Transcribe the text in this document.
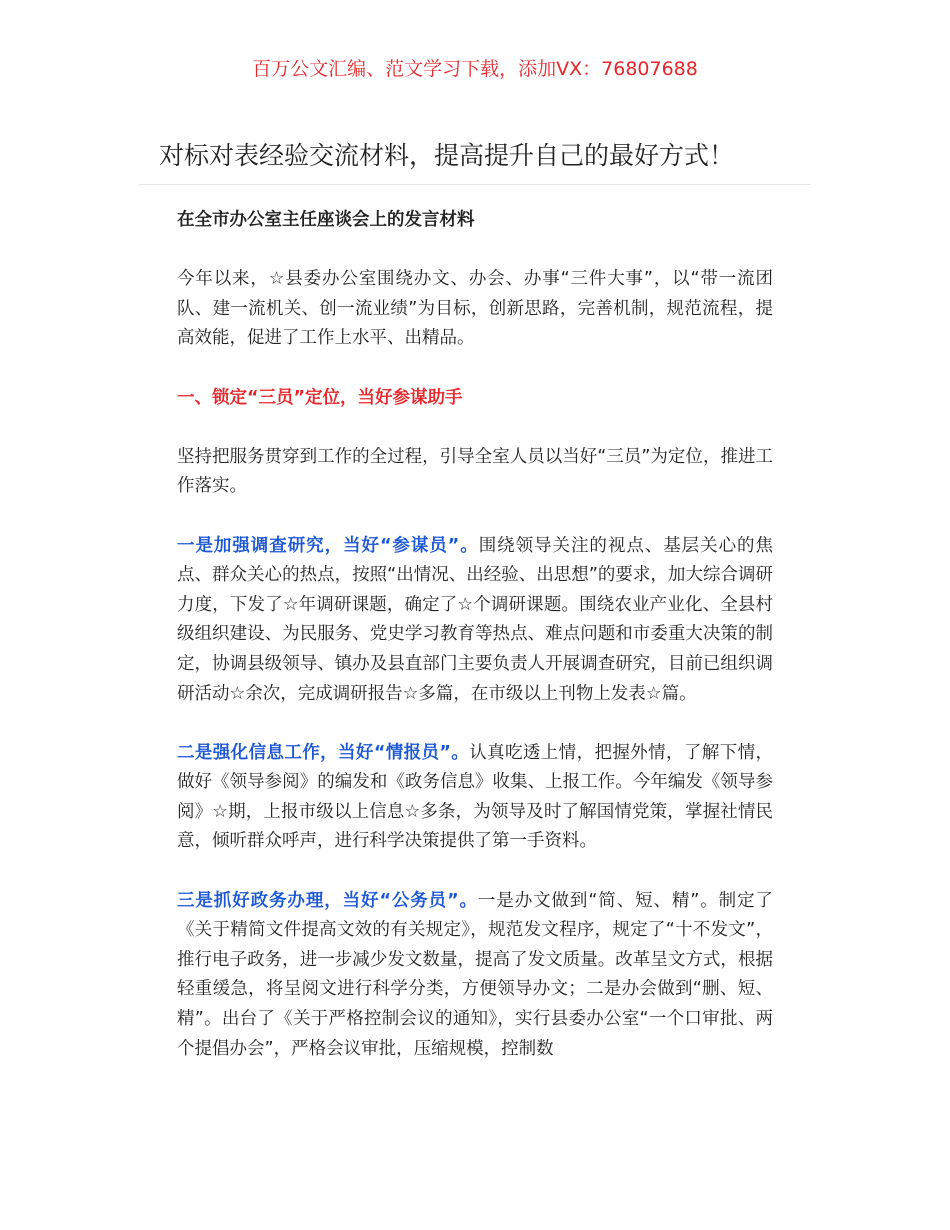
百万公文汇编、范文学习下载，添加VX：76807688
对标对表经验交流材料，提高提升自己的最好方式！

在全市办公室主任座谈会上的发言材料

今年以来，☆县委办公室围绕办文、办会、办事“三件大事”，以“带一流团队、建一流机关、创一流业绩”为目标，创新思路，完善机制，规范流程，提高效能，促进了工作上水平、出精品。

一、锁定“三员”定位，当好参谋助手

坚持把服务贯穿到工作的全过程，引导全室人员以当好“三员”为定位，推进工作落实。

一是加强调查研究，当好“参谋员”。围绕领导关注的视点、基层关心的焦点、群众关心的热点，按照“出情况、出经验、出思想”的要求，加大综合调研力度，下发了☆年调研课题，确定了☆个调研课题。围绕农业产业化、全县村级组织建设、为民服务、党史学习教育等热点、难点问题和市委重大决策的制定，协调县级领导、镇办及县直部门主要负责人开展调查研究，目前已组织调研活动☆余次，完成调研报告☆多篇，在市级以上刊物上发表☆篇。

二是强化信息工作，当好“情报员”。认真吃透上情，把握外情，了解下情，做好《领导参阅》的编发和《政务信息》收集、上报工作。今年编发《领导参阅》☆期，上报市级以上信息☆多条，为领导及时了解国情党策，掌握社情民意，倾听群众呼声，进行科学决策提供了第一手资料。

三是抓好政务办理，当好“公务员”。一是办文做到“简、短、精”。制定了《关于精简文件提高文效的有关规定》，规范发文程序，规定了“十不发文”，推行电子政务，进一步减少发文数量，提高了发文质量。改革呈文方式，根据轻重缓急，将呈阅文进行科学分类，方便领导办文；二是办会做到“删、短、精”。出台了《关于严格控制会议的通知》，实行县委办公室“一个口审批、两个提倡办会”，严格会议审批，压缩规模，控制数
